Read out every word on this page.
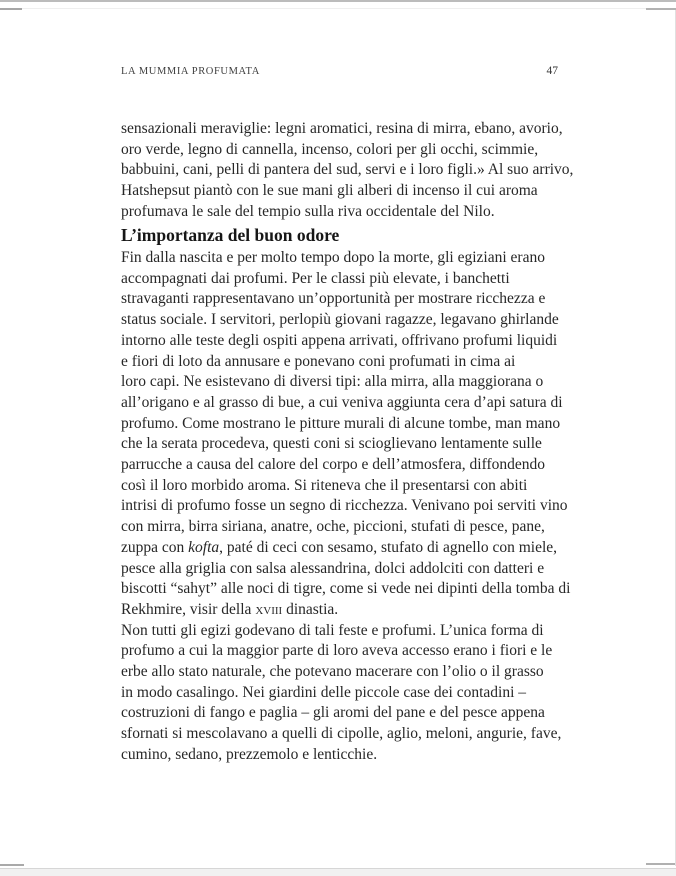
LA MUMMIA PROFUMATA	47

sensazionali meraviglie: legni aromatici, resina di mirra, ebano, avorio,
oro verde, legno di cannella, incenso, colori per gli occhi, scimmie,
babbuini, cani, pelli di pantera del sud, servi e i loro figli.» Al suo arrivo,
Hatshepsut piantò con le sue mani gli alberi di incenso il cui aroma
profumava le sale del tempio sulla riva occidentale del Nilo.

L’importanza del buon odore

Fin dalla nascita e per molto tempo dopo la morte, gli egiziani erano
accompagnati dai profumi. Per le classi più elevate, i banchetti
stravaganti rappresentavano un’opportunità per mostrare ricchezza e
status sociale. I servitori, perlopiù giovani ragazze, legavano ghirlande
intorno alle teste degli ospiti appena arrivati, offrivano profumi liquidi
e fiori di loto da annusare e ponevano coni profumati in cima ai
loro capi. Ne esistevano di diversi tipi: alla mirra, alla maggiorana o
all’origano e al grasso di bue, a cui veniva aggiunta cera d’api satura di
profumo. Come mostrano le pitture murali di alcune tombe, man mano
che la serata procedeva, questi coni si scioglievano lentamente sulle
parrucche a causa del calore del corpo e dell’atmosfera, diffondendo
così il loro morbido aroma. Si riteneva che il presentarsi con abiti
intrisi di profumo fosse un segno di ricchezza. Venivano poi serviti vino
con mirra, birra siriana, anatre, oche, piccioni, stufati di pesce, pane,
zuppa con kofta, paté di ceci con sesamo, stufato di agnello con miele,
pesce alla griglia con salsa alessandrina, dolci addolciti con datteri e
biscotti “sahyt” alle noci di tigre, come si vede nei dipinti della tomba di
Rekhmire, visir della xviii dinastia.

Non tutti gli egizi godevano di tali feste e profumi. L’unica forma di
profumo a cui la maggior parte di loro aveva accesso erano i fiori e le
erbe allo stato naturale, che potevano macerare con l’olio o il grasso
in modo casalingo. Nei giardini delle piccole case dei contadini –
costruzioni di fango e paglia – gli aromi del pane e del pesce appena
sfornati si mescolavano a quelli di cipolle, aglio, meloni, angurie, fave,
cumino, sedano, prezzemolo e lenticchie.
